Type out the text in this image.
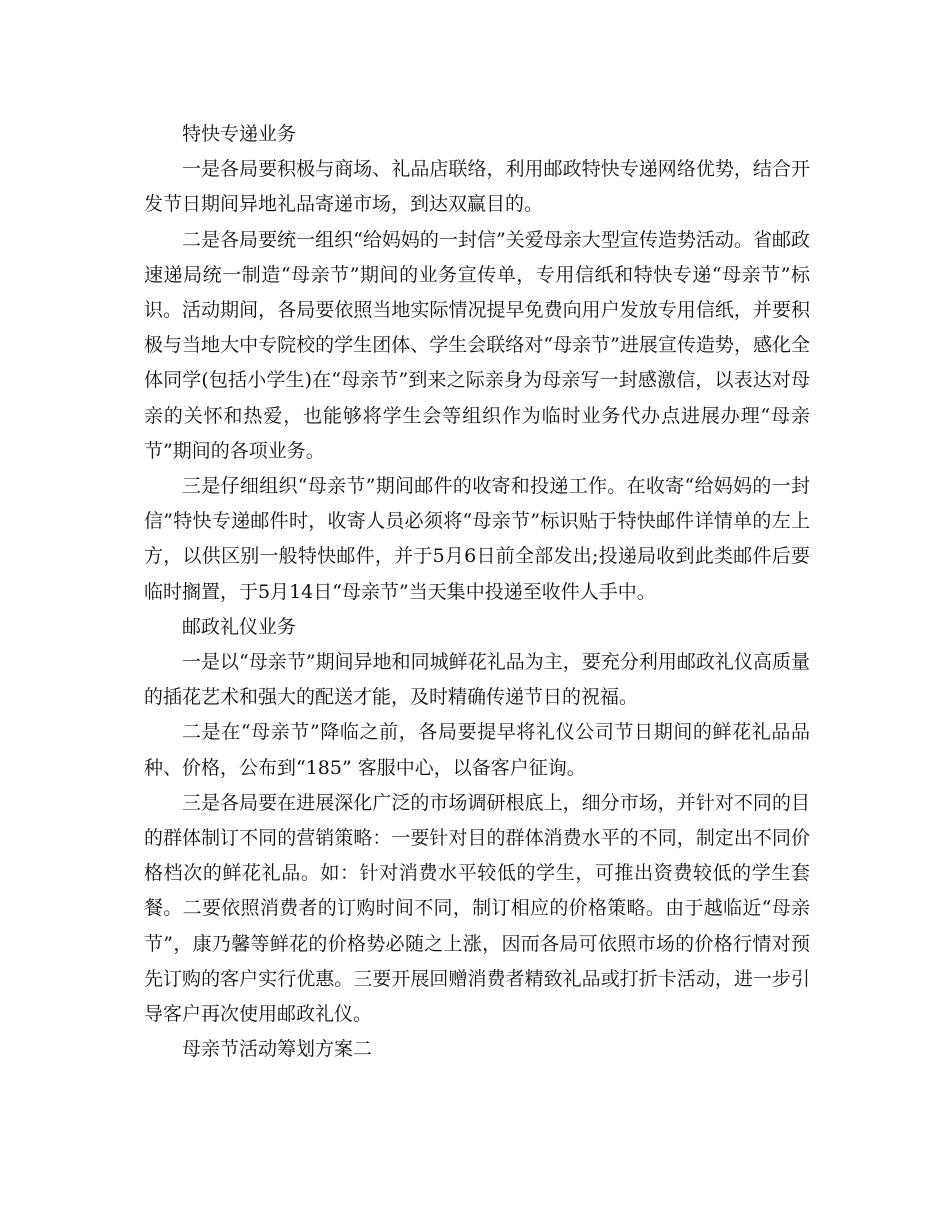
特快专递业务

一是各局要积极与商场、礼品店联络，利用邮政特快专递网络优势，结合开发节日期间异地礼品寄递市场，到达双赢目的。

二是各局要统一组织“给妈妈的一封信”关爱母亲大型宣传造势活动。省邮政速递局统一制造“母亲节”期间的业务宣传单，专用信纸和特快专递“母亲节”标识。活动期间，各局要依照当地实际情况提早免费向用户发放专用信纸，并要积极与当地大中专院校的学生团体、学生会联络对“母亲节”进展宣传造势，感化全体同学(包括小学生)在“母亲节”到来之际亲身为母亲写一封感激信，以表达对母亲的关怀和热爱，也能够将学生会等组织作为临时业务代办点进展办理“母亲节”期间的各项业务。

三是仔细组织“母亲节”期间邮件的收寄和投递工作。在收寄“给妈妈的一封信”特快专递邮件时，收寄人员必须将“母亲节”标识贴于特快邮件详情单的左上方，以供区别一般特快邮件，并于5月6日前全部发出;投递局收到此类邮件后要临时搁置，于5月14日“母亲节”当天集中投递至收件人手中。

邮政礼仪业务

一是以“母亲节”期间异地和同城鲜花礼品为主，要充分利用邮政礼仪高质量的插花艺术和强大的配送才能，及时精确传递节日的祝福。

二是在“母亲节”降临之前，各局要提早将礼仪公司节日期间的鲜花礼品品种、价格，公布到“185” 客服中心，以备客户征询。

三是各局要在进展深化广泛的市场调研根底上，细分市场，并针对不同的目的群体制订不同的营销策略：一要针对目的群体消费水平的不同，制定出不同价格档次的鲜花礼品。如：针对消费水平较低的学生，可推出资费较低的学生套餐。二要依照消费者的订购时间不同，制订相应的价格策略。由于越临近“母亲节”，康乃馨等鲜花的价格势必随之上涨，因而各局可依照市场的价格行情对预先订购的客户实行优惠。三要开展回赠消费者精致礼品或打折卡活动，进一步引导客户再次使用邮政礼仪。

母亲节活动筹划方案二
